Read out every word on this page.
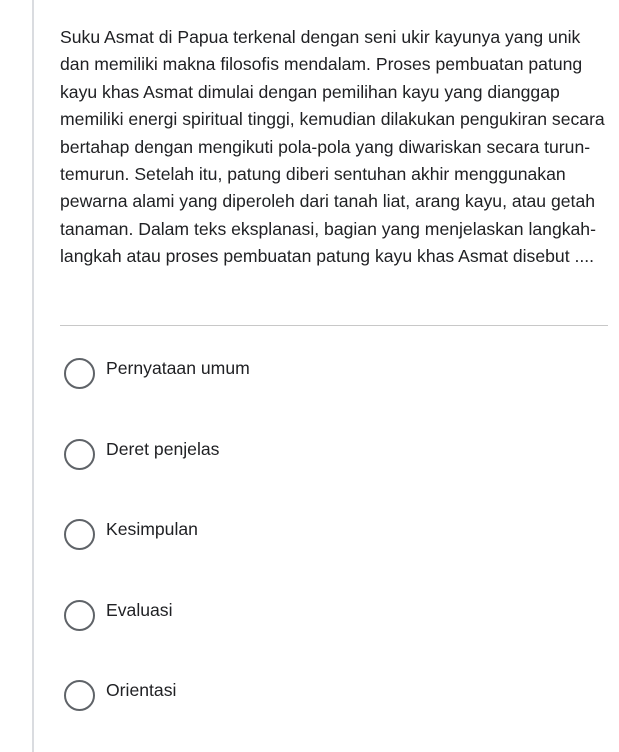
Suku Asmat di Papua terkenal dengan seni ukir kayunya yang unik dan memiliki makna filosofis mendalam. Proses pembuatan patung kayu khas Asmat dimulai dengan pemilihan kayu yang dianggap memiliki energi spiritual tinggi, kemudian dilakukan pengukiran secara bertahap dengan mengikuti pola-pola yang diwariskan secara turun-temurun. Setelah itu, patung diberi sentuhan akhir menggunakan pewarna alami yang diperoleh dari tanah liat, arang kayu, atau getah tanaman. Dalam teks eksplanasi, bagian yang menjelaskan langkah-langkah atau proses pembuatan patung kayu khas Asmat disebut ....

Pernyataan umum
Deret penjelas
Kesimpulan
Evaluasi
Orientasi
